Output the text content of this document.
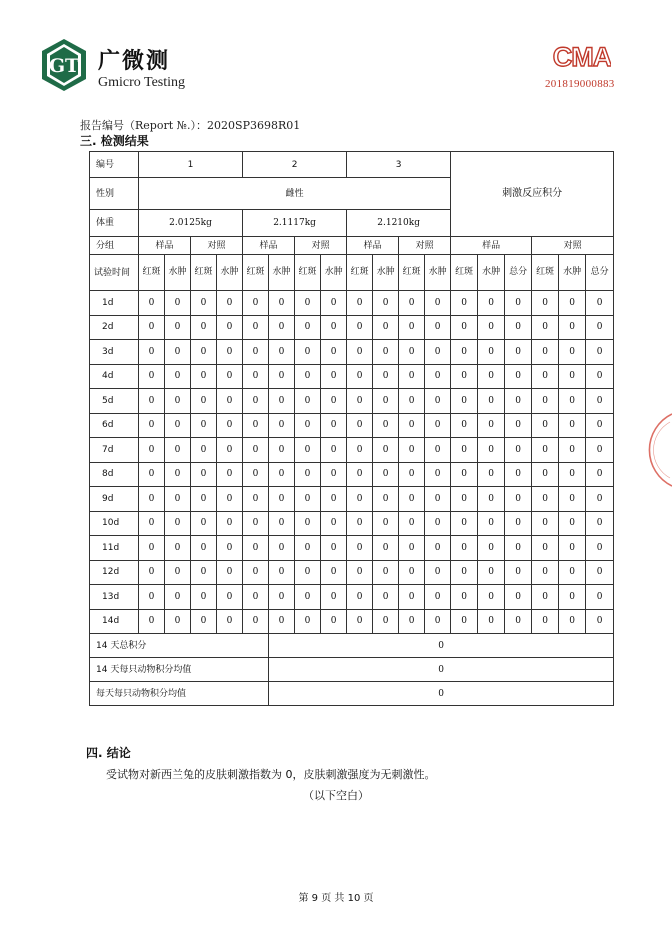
GT 广微测
Gmicro Testing
CMA
201819000883
报告编号（Report №.）：2020SP3698R01
三. 检测结果
编号	1				2				3				刺激反应积分					
性别	雌性																	
体重	2.0125kg				2.1117kg				2.1210kg									
分组	样品		对照		样品		对照		样品		对照		样品			对照		
试验时间	红斑	水肿	红斑	水肿	红斑	水肿	红斑	水肿	红斑	水肿	红斑	水肿	红斑	水肿	总分	红斑	水肿	总分
1d	0	0	0	0	0	0	0	0	0	0	0	0	0	0	0	0	0	0
2d	0	0	0	0	0	0	0	0	0	0	0	0	0	0	0	0	0	0
3d	0	0	0	0	0	0	0	0	0	0	0	0	0	0	0	0	0	0
4d	0	0	0	0	0	0	0	0	0	0	0	0	0	0	0	0	0	0
5d	0	0	0	0	0	0	0	0	0	0	0	0	0	0	0	0	0	0
6d	0	0	0	0	0	0	0	0	0	0	0	0	0	0	0	0	0	0
7d	0	0	0	0	0	0	0	0	0	0	0	0	0	0	0	0	0	0
8d	0	0	0	0	0	0	0	0	0	0	0	0	0	0	0	0	0	0
9d	0	0	0	0	0	0	0	0	0	0	0	0	0	0	0	0	0	0
10d	0	0	0	0	0	0	0	0	0	0	0	0	0	0	0	0	0	0
11d	0	0	0	0	0	0	0	0	0	0	0	0	0	0	0	0	0	0
12d	0	0	0	0	0	0	0	0	0	0	0	0	0	0	0	0	0	0
13d	0	0	0	0	0	0	0	0	0	0	0	0	0	0	0	0	0	0
14d	0	0	0	0	0	0	0	0	0	0	0	0	0	0	0	0	0	0
14 天总积分						0												
14 天每只动物积分均值						0												
每天每只动物积分均值						0												
四. 结论
受试物对新西兰兔的皮肤刺激指数为 0，皮肤刺激强度为无刺激性。
（以下空白）
第 9 页 共 10 页
